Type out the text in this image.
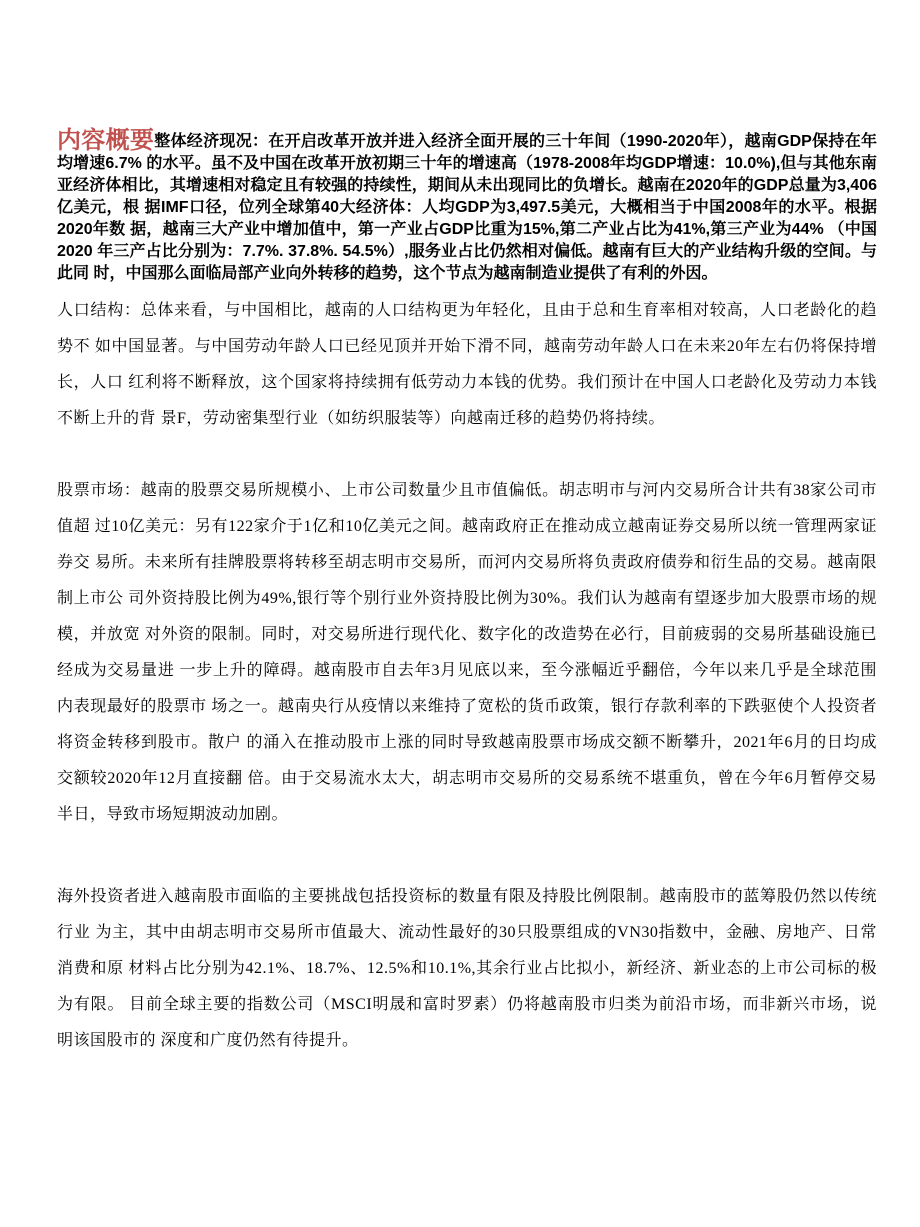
内容概要整体经济现况：在开启改革开放并进入经济全面开展的三十年间（1990-2020年），越南GDP保持在年均增速6.7% 的水平。虽不及中国在改革开放初期三十年的增速高（1978-2008年均GDP增速：10.0%),但与其他东南亚经济体相比，其增速相对稳定且有较强的持续性，期间从未出现同比的负增长。越南在2020年的GDP总量为3,406亿美元，根 据IMF口径，位列全球第40大经济体：人均GDP为3,497.5美元，大概相当于中国2008年的水平。根据2020年数 据，越南三大产业中增加值中，第一产业占GDP比重为15%,第二产业占比为41%,第三产业为44% （中国2020 年三产占比分别为：7.7%. 37.8%. 54.5%）,服务业占比仍然相对偏低。越南有巨大的产业结构升级的空间。与此同 时，中国那么面临局部产业向外转移的趋势，这个节点为越南制造业提供了有利的外因。

人口结构：总体来看，与中国相比，越南的人口结构更为年轻化，且由于总和生育率相对较高，人口老龄化的趋势不 如中国显著。与中国劳动年龄人口已经见顶并开始下滑不同，越南劳动年龄人口在未来20年左右仍将保持增长，人口 红利将不断释放，这个国家将持续拥有低劳动力本钱的优势。我们预计在中国人口老龄化及劳动力本钱不断上升的背 景F，劳动密集型行业（如纺织服装等）向越南迁移的趋势仍将持续。

股票市场：越南的股票交易所规模小、上市公司数量少且市值偏低。胡志明市与河内交易所合计共有38家公司市值超 过10亿美元：另有122家介于1亿和10亿美元之间。越南政府正在推动成立越南证券交易所以统一管理两家证券交 易所。未来所有挂牌股票将转移至胡志明市交易所，而河内交易所将负责政府债券和衍生品的交易。越南限制上市公 司外资持股比例为49%,银行等个别行业外资持股比例为30%。我们认为越南有望逐步加大股票市场的规模，并放宽 对外资的限制。同时，对交易所进行现代化、数字化的改造势在必行，目前疲弱的交易所基础设施已经成为交易量进 一步上升的障碍。越南股市自去年3月见底以来，至今涨幅近乎翻倍，今年以来几乎是全球范围内表现最好的股票市 场之一。越南央行从疫情以来维持了宽松的货币政策，银行存款利率的下跌驱使个人投资者将资金转移到股市。散户 的涌入在推动股市上涨的同时导致越南股票市场成交额不断攀升，2021年6月的日均成交额较2020年12月直接翻 倍。由于交易流水太大，胡志明市交易所的交易系统不堪重负，曾在今年6月暂停交易半日，导致市场短期波动加剧。

海外投资者进入越南股市面临的主要挑战包括投资标的数量有限及持股比例限制。越南股市的蓝筹股仍然以传统行业 为主，其中由胡志明市交易所市值最大、流动性最好的30只股票组成的VN30指数中，金融、房地产、日常消费和原 材料占比分别为42.1%、18.7%、12.5%和10.1%,其余行业占比拟小，新经济、新业态的上市公司标的极为有限。 目前全球主要的指数公司（MSCI明晟和富时罗素）仍将越南股市归类为前沿市场，而非新兴市场，说明该国股市的 深度和广度仍然有待提升。
